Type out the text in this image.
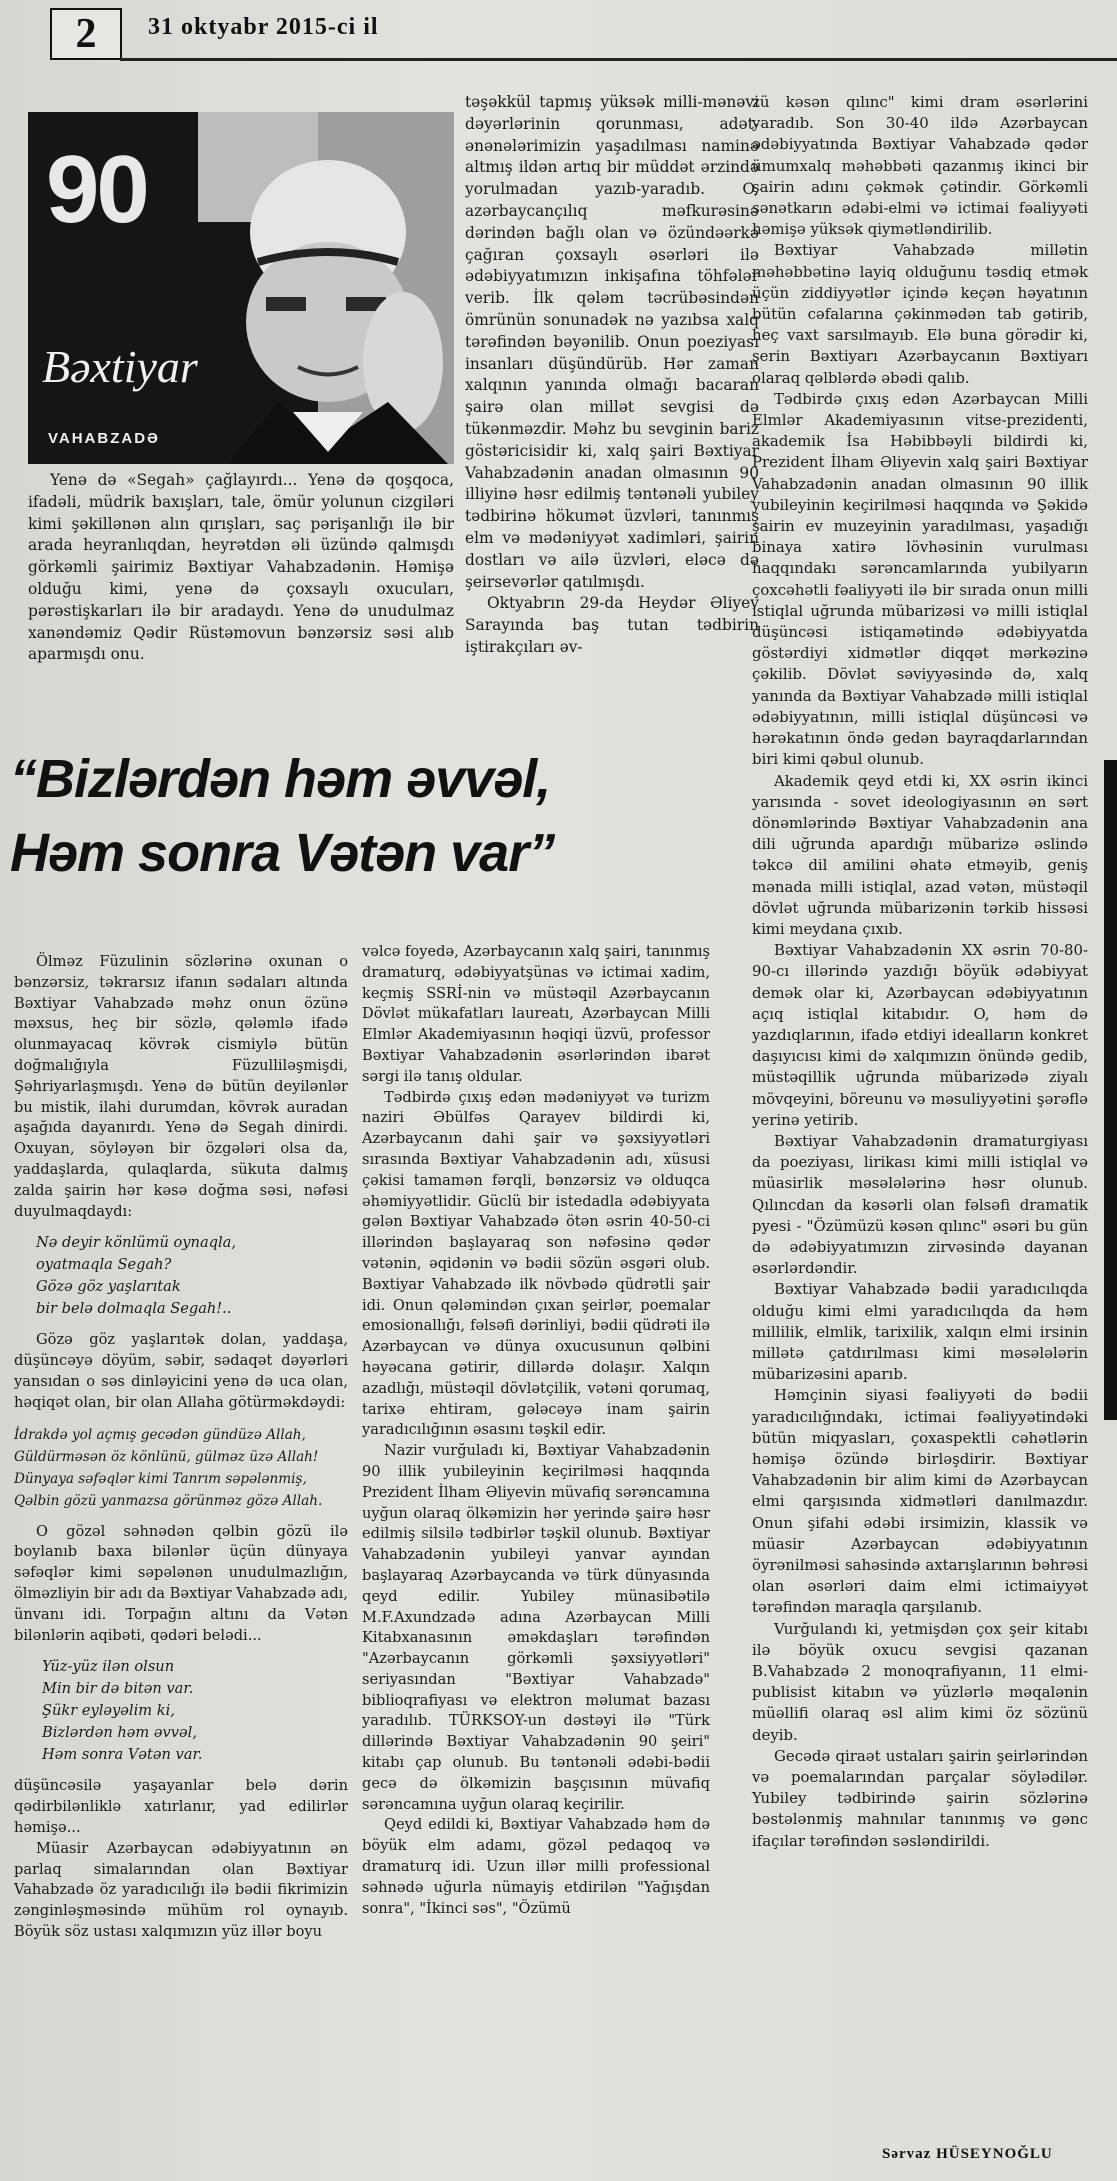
2	31 oktyabr 2015-ci il
90
Bəxtiyar
VAHABZADƏ

Yenə də «Segah» çağlayırdı... Yenə də qoşqoca, ifadəli, müdrik baxışları, tale, ömür yolunun cizgiləri kimi şəkillənən alın qırışları, saç pərişanlığı ilə bir arada heyranlıqdan, heyrətdən əli üzündə qalmışdı görkəmli şairimiz Bəxtiyar Vahabzadənin. Həmişə olduğu kimi, yenə də çoxsaylı oxucuları, pərəstişkarları ilə bir aradaydı. Yenə də unudulmaz xanəndəmiz Qədir Rüstəmovun bənzərsiz səsi alıb aparmışdı onu.

təşəkkül tapmış yüksək milli-mənəvi dəyərlərinin qorunması, adət-ənənələrimizin yaşadılması naminə altmış ildən artıq bir müddət ərzində yorulmadan yazıb-yaradıb. O, azərbaycançılıq məfkurəsinə dərindən bağlı olan və özündəərkə çağıran çoxsaylı əsərləri ilə ədəbiyyatımızın inkişafına töhfələr verib. İlk qələm təcrübəsindən ömrünün sonunadək nə yazıbsa xalq tərəfindən bəyənilib. Onun poeziyası insanları düşündürüb. Hər zaman xalqının yanında olmağı bacaran şairə olan millət sevgisi də tükənməzdir. Məhz bu sevginin bariz göstəricisidir ki, xalq şairi Bəxtiyar Vahabzadənin anadan olmasının 90 illiyinə həsr edilmiş təntənəli yubiley tədbirinə hökumət üzvləri, tanınmış elm və mədəniyyət xadimləri, şairin dostları və ailə üzvləri, eləcə də şeirsevərlər qatılmışdı.

Oktyabrın 29-da Heydər Əliyev Sarayında baş tutan tədbirin iştirakçıları əv-

“Bizlərdən həm əvvəl,
Həm sonra Vətən var”

Ölməz Füzulinin sözlərinə oxunan o bənzərsiz, təkrarsız ifanın sədaları altında Bəxtiyar Vahabzadə məhz onun özünə məxsus, heç bir sözlə, qələmlə ifadə olunmayacaq kövrək cismiylə bütün doğmalığıyla Füzulliləşmişdi, Şəhriyarlaşmışdı. Yenə də bütün deyilənlər bu mistik, ilahi durumdan, kövrək auradan aşağıda dayanırdı. Yenə də Segah dinirdi. Oxuyan, söyləyən bir özgələri olsa da, yaddaşlarda, qulaqlarda, sükuta dalmış zalda şairin hər kəsə doğma səsi, nəfəsi duyulmaqdaydı:

Nə deyir könlümü oynaqla,
oyatmaqla Segah?
Gözə göz yaşlarıtak
bir belə dolmaqla Segah!..

Gözə göz yaşlarıtək dolan, yaddaşa, düşüncəyə döyüm, səbir, sədaqət dəyərləri yansıdan o səs dinləyicini yenə də uca olan, həqiqət olan, bir olan Allaha götürməkdəydi:

İdrakdə yol açmış gecədən gündüzə Allah,
Güldürməsən öz könlünü, gülməz üzə Allah!
Dünyaya səfəqlər kimi Tanrım səpələnmiş,
Qəlbin gözü yanmazsa görünməz gözə Allah.

O gözəl səhnədən qəlbin gözü ilə boylanıb baxa bilənlər üçün dünyaya səfəqlər kimi səpələnən unudulmazlığın, ölməzliyin bir adı da Bəxtiyar Vahabzadə adı, ünvanı idi. Torpağın altını da Vətən bilənlərin aqibəti, qədəri belədi...

Yüz-yüz ilən olsun
Min bir də bitən var.
Şükr eyləyəlim ki,
Bizlərdən həm əvvəl,
Həm sonra Vətən var.

düşüncəsilə yaşayanlar belə dərin qədirbilənliklə xatırlanır, yad edilirlər həmişə...

Müasir Azərbaycan ədəbiyyatının ən parlaq simalarından olan Bəxtiyar Vahabzadə öz yaradıcılığı ilə bədii fikrimizin zənginləşməsində mühüm rol oynayıb. Böyük söz ustası xalqımızın yüz illər boyu

vəlcə foyedə, Azərbaycanın xalq şairi, tanınmış dramaturq, ədəbiyyatşünas və ictimai xadim, keçmiş SSRİ-nin və müstəqil Azərbaycanın Dövlət mükafatları laureatı, Azərbaycan Milli Elmlər Akademiyasının həqiqi üzvü, professor Bəxtiyar Vahabzadənin əsərlərindən ibarət sərgi ilə tanış oldular.

Tədbirdə çıxış edən mədəniyyət və turizm naziri Əbülfəs Qarayev bildirdi ki, Azərbaycanın dahi şair və şəxsiyyətləri sırasında Bəxtiyar Vahabzadənin adı, xüsusi çəkisi tamamən fərqli, bənzərsiz və olduqca əhəmiyyətlidir. Güclü bir istedadla ədəbiyyata gələn Bəxtiyar Vahabzadə ötən əsrin 40-50-ci illərindən başlayaraq son nəfəsinə qədər vətənin, əqidənin və bədii sözün əsgəri olub. Bəxtiyar Vahabzadə ilk növbədə qüdrətli şair idi. Onun qələmindən çıxan şeirlər, poemalar emosionallığı, fəlsəfi dərinliyi, bədii qüdrəti ilə Azərbaycan və dünya oxucusunun qəlbini həyəcana gətirir, dillərdə dolaşır. Xalqın azadlığı, müstəqil dövlətçilik, vətəni qorumaq, tarixə ehtiram, gələcəyə inam şairin yaradıcılığının əsasını təşkil edir.

Nazir vurğuladı ki, Bəxtiyar Vahabzadənin 90 illik yubileyinin keçirilməsi haqqında Prezident İlham Əliyevin müvafiq sərəncamına uyğun olaraq ölkəmizin hər yerində şairə həsr edilmiş silsilə tədbirlər təşkil olunub. Bəxtiyar Vahabzadənin yubileyi yanvar ayından başlayaraq Azərbaycanda və türk dünyasında qeyd edilir. Yubiley münasibətilə M.F.Axundzadə adına Azərbaycan Milli Kitabxanasının əməkdaşları tərəfindən "Azərbaycanın görkəmli şəxsiyyətləri" seriyasından "Bəxtiyar Vahabzadə" biblioqrafiyası və elektron məlumat bazası yaradılıb. TÜRKSOY-un dəstəyi ilə "Türk dillərində Bəxtiyar Vahabzadənin 90 şeiri" kitabı çap olunub. Bu təntənəli ədəbi-bədii gecə də ölkəmizin başçısının müvafiq sərəncamına uyğun olaraq keçirilir.

Qeyd edildi ki, Bəxtiyar Vahabzadə həm də böyük elm adamı, gözəl pedaqoq və dramaturq idi. Uzun illər milli professional səhnədə uğurla nümayiş etdirilən "Yağışdan sonra", "İkinci səs", "Özümü

zü kəsən qılınc" kimi dram əsərlərini yaradıb. Son 30-40 ildə Azərbaycan ədəbiyyatında Bəxtiyar Vahabzadə qədər ümumxalq məhəbbəti qazanmış ikinci bir şairin adını çəkmək çətindir. Görkəmli sənətkarın ədəbi-elmi və ictimai fəaliyyəti həmişə yüksək qiymətləndirilib.

Bəxtiyar Vahabzadə millətin məhəbbətinə layiq olduğunu təsdiq etmək üçün ziddiyyətlər içində keçən həyatının bütün cəfalarına çəkinmədən tab gətirib, heç vaxt sarsılmayıb. Elə buna görədir ki, şerin Bəxtiyarı Azərbaycanın Bəxtiyarı olaraq qəlblərdə əbədi qalıb.

Tədbirdə çıxış edən Azərbaycan Milli Elmlər Akademiyasının vitse-prezidenti, akademik İsa Həbibbəyli bildirdi ki, Prezident İlham Əliyevin xalq şairi Bəxtiyar Vahabzadənin anadan olmasının 90 illik yubileyinin keçirilməsi haqqında və Şəkidə şairin ev muzeyinin yaradılması, yaşadığı binaya xatirə lövhəsinin vurulması haqqındakı sərəncamlarında yubilyarın çoxcəhətli fəaliyyəti ilə bir sırada onun milli istiqlal uğrunda mübarizəsi və milli istiqlal düşüncəsi istiqamətində ədəbiyyatda göstərdiyi xidmətlər diqqət mərkəzinə çəkilib. Dövlət səviyyəsində də, xalq yanında da Bəxtiyar Vahabzadə milli istiqlal ədəbiyyatının, milli istiqlal düşüncəsi və hərəkatının öndə gedən bayraqdarlarından biri kimi qəbul olunub.

Akademik qeyd etdi ki, XX əsrin ikinci yarısında - sovet ideologiyasının ən sərt dönəmlərində Bəxtiyar Vahabzadənin ana dili uğrunda apardığı mübarizə əslində təkcə dil amilini əhatə etməyib, geniş mənada milli istiqlal, azad vətən, müstəqil dövlət uğrunda mübarizənin tərkib hissəsi kimi meydana çıxıb.

Bəxtiyar Vahabzadənin XX əsrin 70-80-90-cı illərində yazdığı böyük ədəbiyyat demək olar ki, Azərbaycan ədəbiyyatının açıq istiqlal kitabıdır. O, həm də yazdıqlarının, ifadə etdiyi idealların konkret daşıyıcısı kimi də xalqımızın önündə gedib, müstəqillik uğrunda mübarizədə ziyalı mövqeyini, böreunu və məsuliyyətini şərəflə yerinə yetirib.

Bəxtiyar Vahabzadənin dramaturgiyası da poeziyası, lirikası kimi milli istiqlal və müasirlik məsələlərinə həsr olunub. Qılıncdan da kəsərli olan fəlsəfi dramatik pyesi - "Özümüzü kəsən qılınc" əsəri bu gün də ədəbiyyatımızın zirvəsində dayanan əsərlərdəndir.

Bəxtiyar Vahabzadə bədii yaradıcılıqda olduğu kimi elmi yaradıcılıqda da həm millilik, elmlik, tarixilik, xalqın elmi irsinin millətə çatdırılması kimi məsələlərin mübarizəsini aparıb.

Həmçinin siyasi fəaliyyəti də bədii yaradıcılığındakı, ictimai fəaliyyətindəki bütün miqyasları, çoxaspektli cəhətlərin həmişə özündə birləşdirir. Bəxtiyar Vahabzadənin bir alim kimi də Azərbaycan elmi qarşısında xidmətləri danılmazdır. Onun şifahi ədəbi irsimizin, klassik və müasir Azərbaycan ədəbiyyatının öyrənilməsi sahəsində axtarışlarının bəhrəsi olan əsərləri daim elmi ictimaiyyət tərəfindən maraqla qarşılanıb.

Vurğulandı ki, yetmişdən çox şeir kitabı ilə böyük oxucu sevgisi qazanan B.Vahabzadə 2 monoqrafiyanın, 11 elmi-publisist kitabın və yüzlərlə məqalənin müəllifi olaraq əsl alim kimi öz sözünü deyib.

Gecədə qiraət ustaları şairin şeirlərindən və poemalarından parçalar söylədilər. Yubiley tədbirində şairin sözlərinə bəstələnmiş mahnılar tanınmış və gənc ifaçılar tərəfindən səsləndirildi.

Sərvaz HÜSEYNOĞLU
